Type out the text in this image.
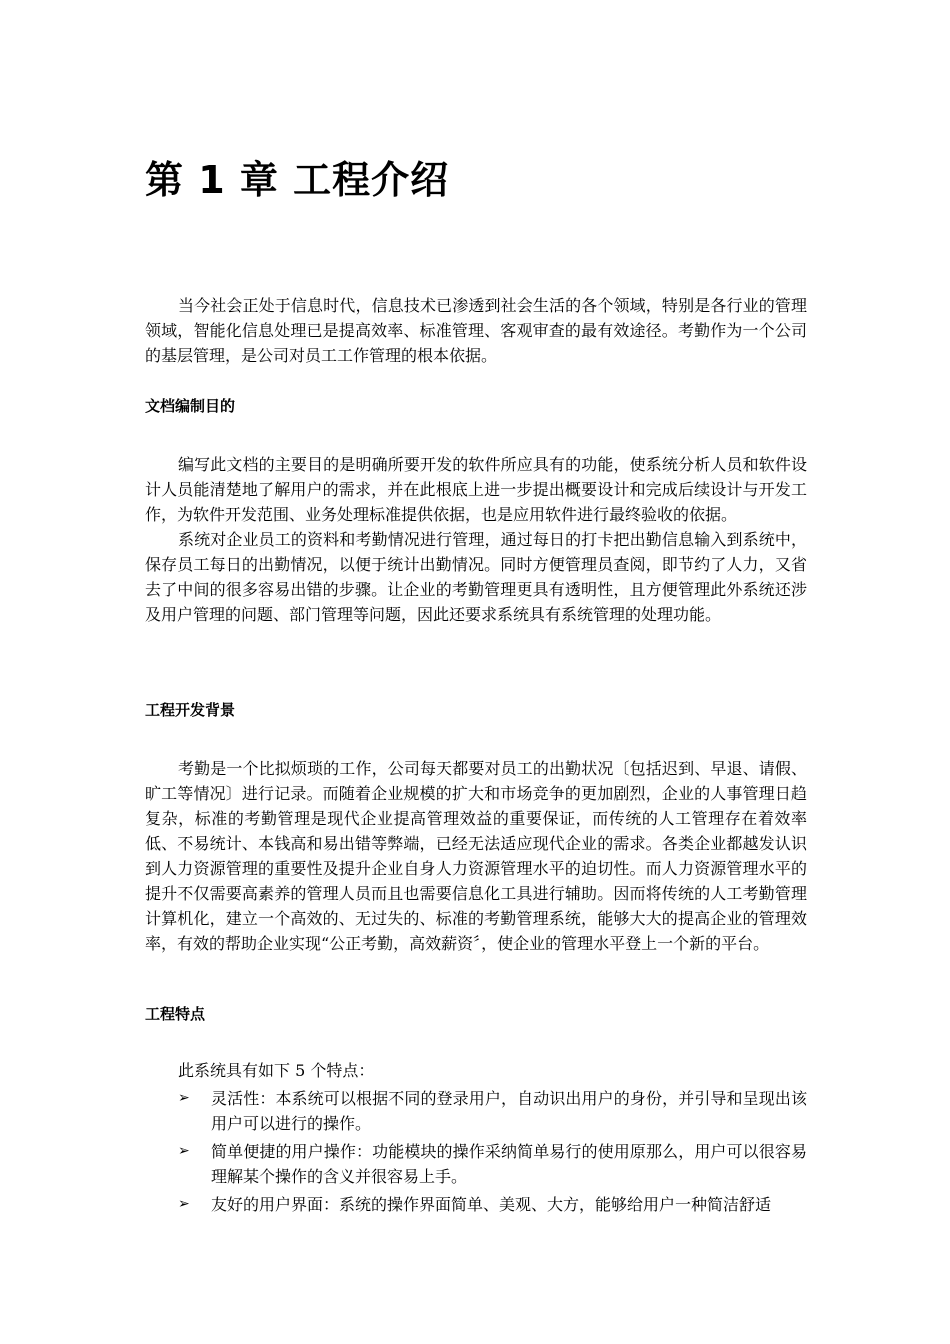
第 1 章 工程介绍

当今社会正处于信息时代，信息技术已渗透到社会生活的各个领域，特别是各行业的管理领域，智能化信息处理已是提高效率、标准管理、客观审查的最有效途径。考勤作为一个公司的基层管理，是公司对员工工作管理的根本依据。

文档编制目的

编写此文档的主要目的是明确所要开发的软件所应具有的功能，使系统分析人员和软件设计人员能清楚地了解用户的需求，并在此根底上进一步提出概要设计和完成后续设计与开发工作，为软件开发范围、业务处理标准提供依据，也是应用软件进行最终验收的依据。

系统对企业员工的资料和考勤情况进行管理，通过每日的打卡把出勤信息输入到系统中，保存员工每日的出勤情况，以便于统计出勤情况。同时方便管理员查阅，即节约了人力，又省去了中间的很多容易出错的步骤。让企业的考勤管理更具有透明性，且方便管理此外系统还涉及用户管理的问题、部门管理等问题，因此还要求系统具有系统管理的处理功能。

工程开发背景

考勤是一个比拟烦琐的工作，公司每天都要对员工的出勤状况〔包括迟到、早退、请假、旷工等情况〕进行记录。而随着企业规模的扩大和市场竞争的更加剧烈，企业的人事管理日趋复杂，标准的考勤管理是现代企业提高管理效益的重要保证，而传统的人工管理存在着效率低、不易统计、本钱高和易出错等弊端，已经无法适应现代企业的需求。各类企业都越发认识到人力资源管理的重要性及提升企业自身人力资源管理水平的迫切性。而人力资源管理水平的提升不仅需要高素养的管理人员而且也需要信息化工具进行辅助。因而将传统的人工考勤管理计算机化，建立一个高效的、无过失的、标准的考勤管理系统，能够大大的提高企业的管理效率，有效的帮助企业实现“公正考勤，高效薪资〞，使企业的管理水平登上一个新的平台。

工程特点

此系统具有如下 5 个特点：

➢ 灵活性：本系统可以根据不同的登录用户，自动识出用户的身份，并引导和呈现出该用户可以进行的操作。
➢ 简单便捷的用户操作：功能模块的操作采纳简单易行的使用原那么，用户可以很容易理解某个操作的含义并很容易上手。
➢ 友好的用户界面：系统的操作界面简单、美观、大方，能够给用户一种简洁舒适
